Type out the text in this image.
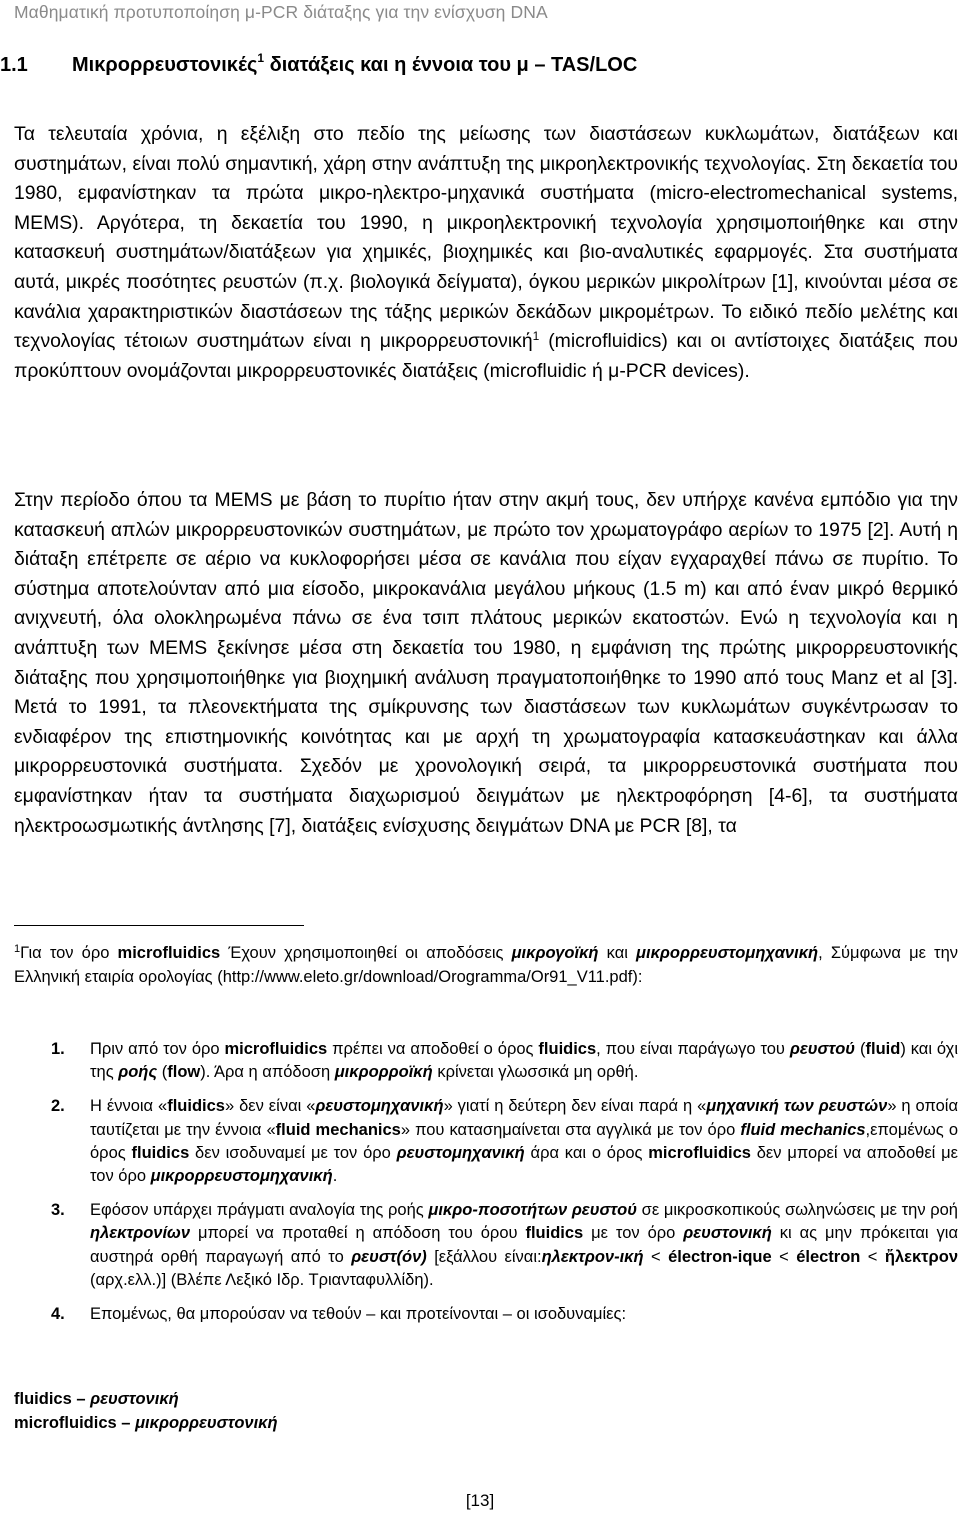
Μαθηματική προτυποποίηση μ-PCR διάταξης για την ενίσχυση DNA
1.1 Μικρορρευστονικές$^1$ διατάξεις και η έννοια του μ – TAS/LOC

Τα τελευταία χρόνια, η εξέλιξη στο πεδίο της μείωσης των διαστάσεων κυκλωμάτων, διατάξεων και συστημάτων, είναι πολύ σημαντική, χάρη στην ανάπτυξη της μικροηλεκτρονικής τεχνολογίας. Στη δεκαετία του 1980, εμφανίστηκαν τα πρώτα μικρο-ηλεκτρο-μηχανικά συστήματα (micro-electromechanical systems, MEMS). Αργότερα, τη δεκαετία του 1990, η μικροηλεκτρονική τεχνολογία χρησιμοποιήθηκε και στην κατασκευή συστημάτων/διατάξεων για χημικές, βιοχημικές και βιο-αναλυτικές εφαρμογές. Στα συστήματα αυτά, μικρές ποσότητες ρευστών (π.χ. βιολογικά δείγματα), όγκου μερικών μικρολίτρων [1], κινούνται μέσα σε κανάλια χαρακτηριστικών διαστάσεων της τάξης μερικών δεκάδων μικρομέτρων. Το ειδικό πεδίο μελέτης και τεχνολογίας τέτοιων συστημάτων είναι η μικρορρευστονική$^1$ (microfluidics) και οι αντίστοιχες διατάξεις που προκύπτουν ονομάζονται μικρορρευστονικές διατάξεις (microfluidic ή μ-PCR devices).

Στην περίοδο όπου τα MEMS με βάση το πυρίτιο ήταν στην ακμή τους, δεν υπήρχε κανένα εμπόδιο για την κατασκευή απλών μικρορρευστονικών συστημάτων, με πρώτο τον χρωματογράφο αερίων το 1975 [2]. Αυτή η διάταξη επέτρεπε σε αέριο να κυκλοφορήσει μέσα σε κανάλια που είχαν εγχαραχθεί πάνω σε πυρίτιο. Το σύστημα αποτελούνταν από μια είσοδο, μικροκανάλια μεγάλου μήκους (1.5 m) και από έναν μικρό θερμικό ανιχνευτή, όλα ολοκληρωμένα πάνω σε ένα τσιπ πλάτους μερικών εκατοστών. Ενώ η τεχνολογία και η ανάπτυξη των MEMS ξεκίνησε μέσα στη δεκαετία του 1980, η εμφάνιση της πρώτης μικρορρευστονικής διάταξης που χρησιμοποιήθηκε για βιοχημική ανάλυση πραγματοποιήθηκε το 1990 από τους Manz et al [3]. Μετά το 1991, τα πλεονεκτήματα της σμίκρυνσης των διαστάσεων των κυκλωμάτων συγκέντρωσαν το ενδιαφέρον της επιστημονικής κοινότητας και με αρχή τη χρωματογραφία κατασκευάστηκαν και άλλα μικρορρευστονικά συστήματα. Σχεδόν με χρονολογική σειρά, τα μικρορρευστονικά συστήματα που εμφανίστηκαν ήταν τα συστήματα διαχωρισμού δειγμάτων με ηλεκτροφόρηση [4-6], τα συστήματα ηλεκτροωσμωτικής άντλησης [7], διατάξεις ενίσχυσης δειγμάτων DNA με PCR [8], τα

$^1$Για τον όρο microfluidics Έχουν χρησιμοποιηθεί οι αποδόσεις μικρογοϊκή και μικρορρευστομηχανική, Σύμφωνα με την Ελληνική εταιρία ορολογίας (http://www.eleto.gr/download/Orogramma/Or91_V11.pdf):

1. Πριν από τον όρο microfluidics πρέπει να αποδοθεί ο όρος fluidics, που είναι παράγωγο του ρευστού (fluid) και όχι της ροής (flow). Άρα η απόδοση μικρορροϊκή κρίνεται γλωσσικά μη ορθή.
2. Η έννοια «fluidics» δεν είναι «ρευστομηχανική» γιατί η δεύτερη δεν είναι παρά η «μηχανική των ρευστών» η οποία ταυτίζεται με την έννοια «fluid mechanics» που κατασημαίνεται στα αγγλικά με τον όρο fluid mechanics,επομένως ο όρος fluidics δεν ισοδυναμεί με τον όρο ρευστομηχανική άρα και ο όρος microfluidics δεν μπορεί να αποδοθεί με τον όρο μικρορρευστομηχανική.
3. Εφόσον υπάρχει πράγματι αναλογία της ροής μικρο-ποσοτήτων ρευστού σε μικροσκοπικούς σωληνώσεις με την ροή ηλεκτρονίων μπορεί να προταθεί η απόδοση του όρου fluidics με τον όρο ρευστονική κι ας μην πρόκειται για αυστηρά ορθή παραγωγή από το ρευστ(όν) [εξάλλου είναι:ηλεκτρον-ική < électron-ique < électron < ἤλεκτρον (αρχ.ελλ.)] (Βλέπε Λεξικό Ιδρ. Τριανταφυλλίδη).
4. Επομένως, θα μπορούσαν να τεθούν – και προτείνονται – οι ισοδυναμίες:
fluidics – ρευστονική
microfluidics – μικρορρευστονική
[13]
